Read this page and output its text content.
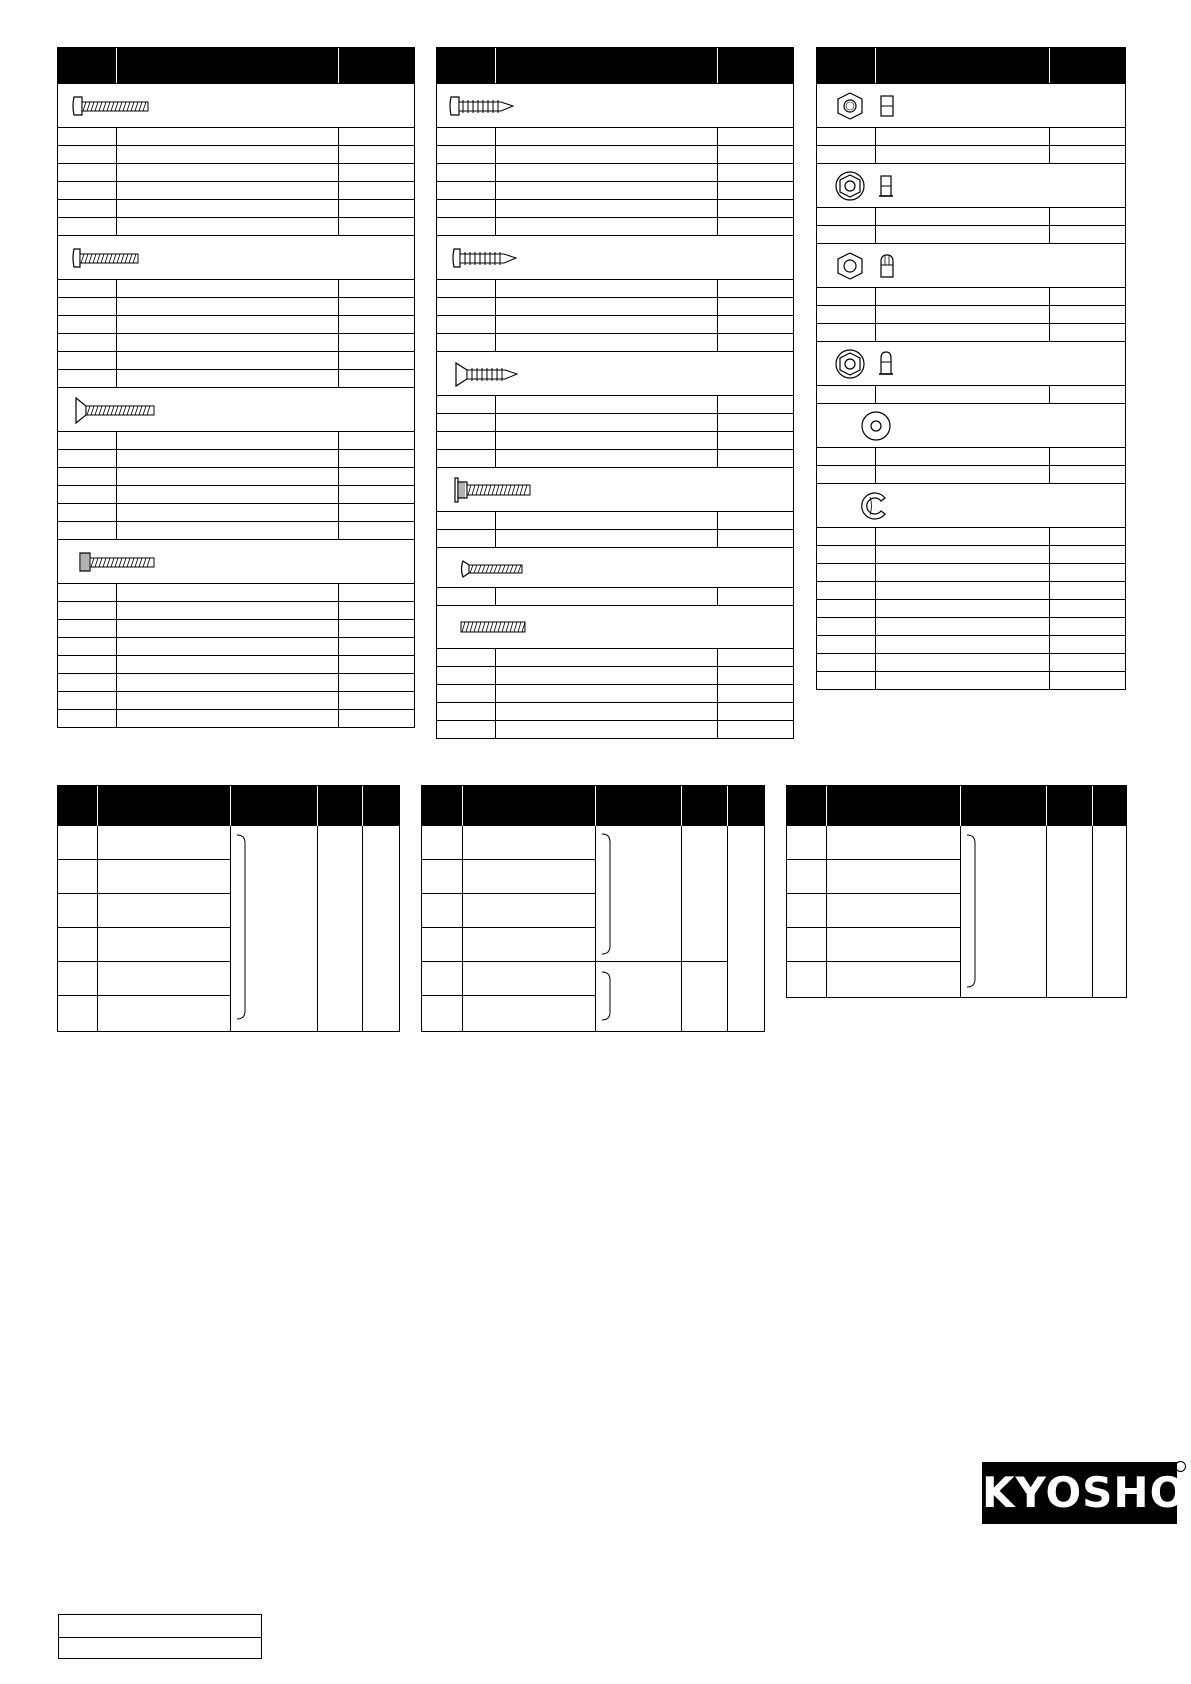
KYOSHO
